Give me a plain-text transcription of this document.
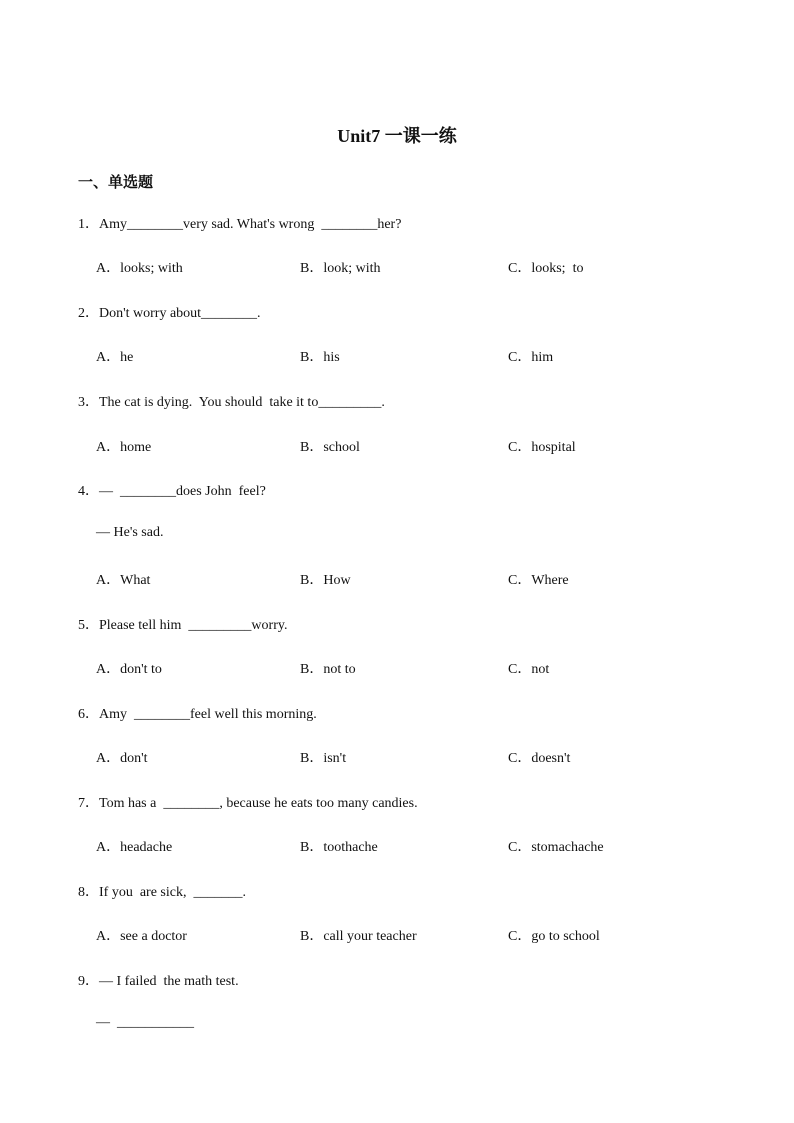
Unit7 一课一练
一、单选题
1．Amy________very sad. What's wrong  ________her?
A．looks; with	B．look; with	C．looks;  to
2．Don't worry about________.
A．he	B．his	C．him
3．The cat is dying.  You should  take it to_________.
A．home	B．school	C．hospital
4．—  ________does John  feel?
— He's sad.
A．What	B．How	C．Where
5．Please tell him  _________worry.
A．don't to	B．not to	C．not
6．Amy  ________feel well this morning.
A．don't	B．isn't	C．doesn't
7．Tom has a  ________, because he eats too many candies.
A．headache	B．toothache	C．stomachache
8．If you  are sick,  _______.
A．see a doctor	B．call your teacher	C．go to school
9．— I failed  the math test.
—  ___________
